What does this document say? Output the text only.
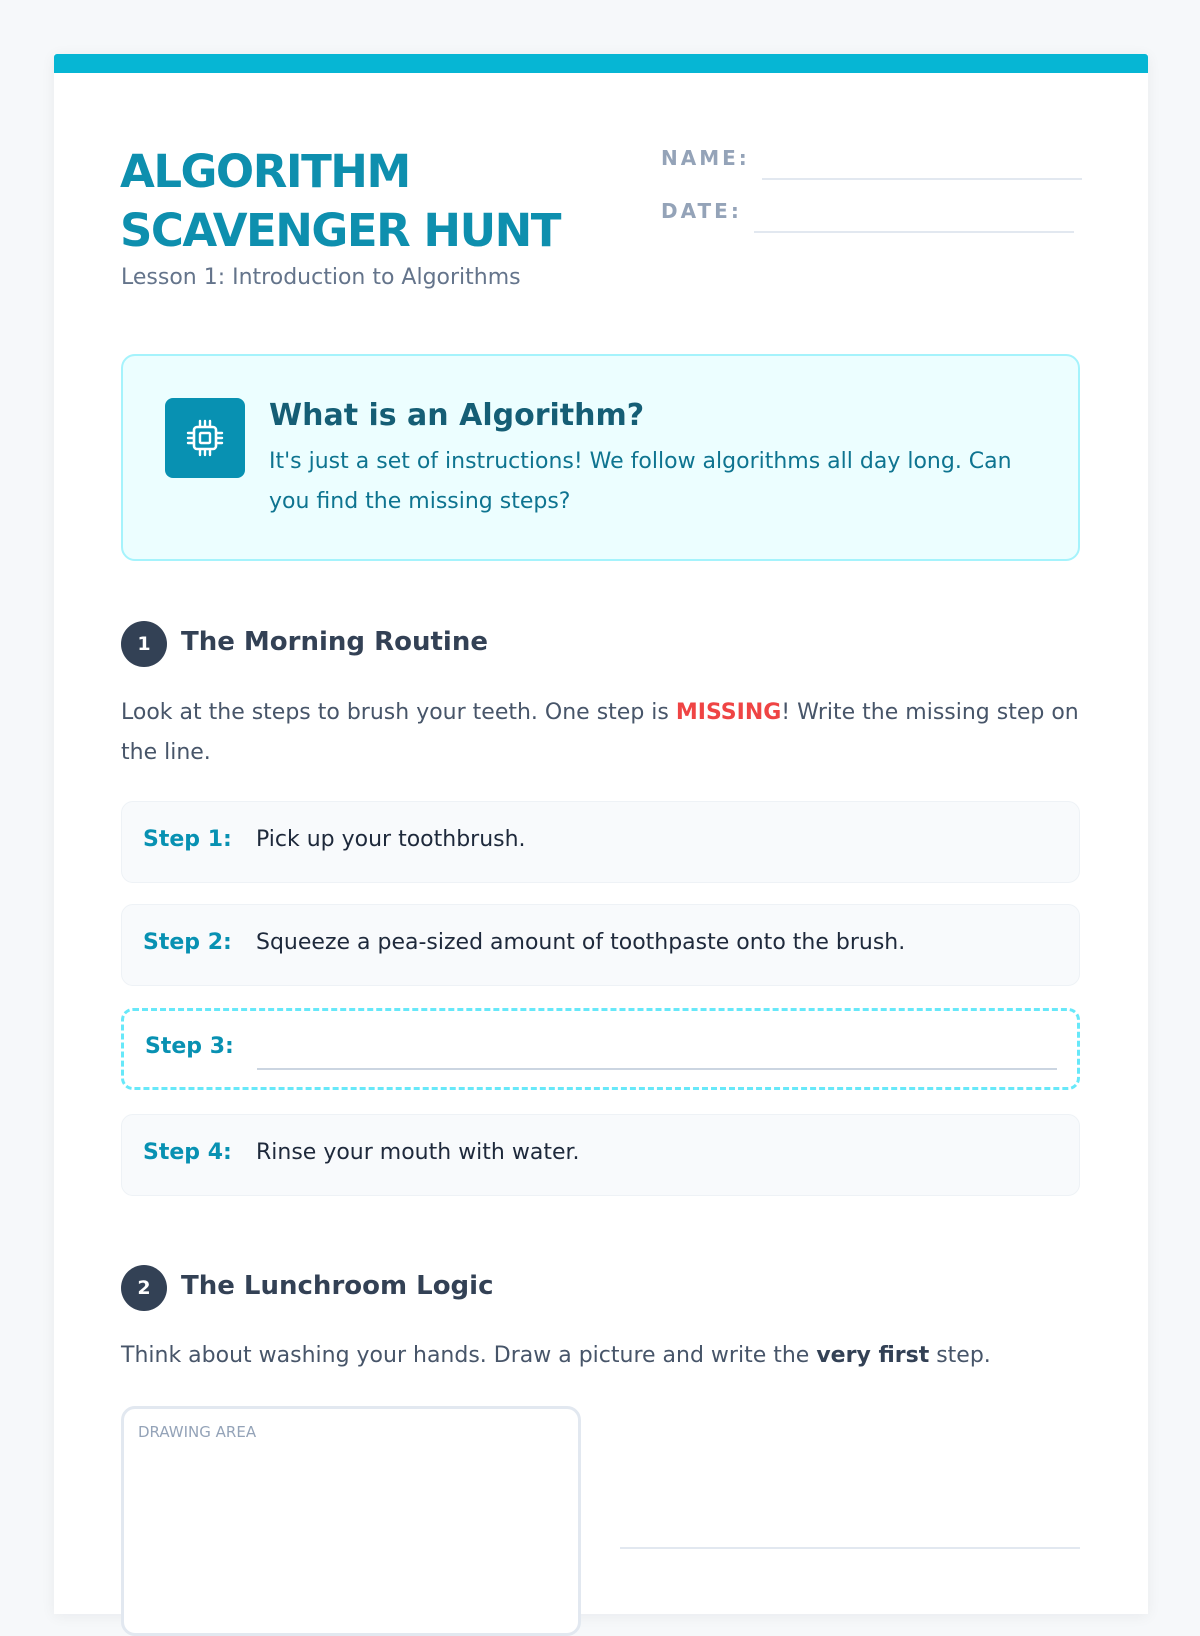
ALGORITHM
SCAVENGER HUNT
Lesson 1: Introduction to Algorithms
NAME:
DATE:
What is an Algorithm?
It's just a set of instructions! We follow algorithms all day long. Can you find the missing steps?
1	The Morning Routine
Look at the steps to brush your teeth. One step is MISSING! Write the missing step on the line.
Step 1: Pick up your toothbrush.
Step 2: Squeeze a pea-sized amount of toothpaste onto the brush.
Step 3:
Step 4: Rinse your mouth with water.
2	The Lunchroom Logic
Think about washing your hands. Draw a picture and write the very first step.
DRAWING AREA
